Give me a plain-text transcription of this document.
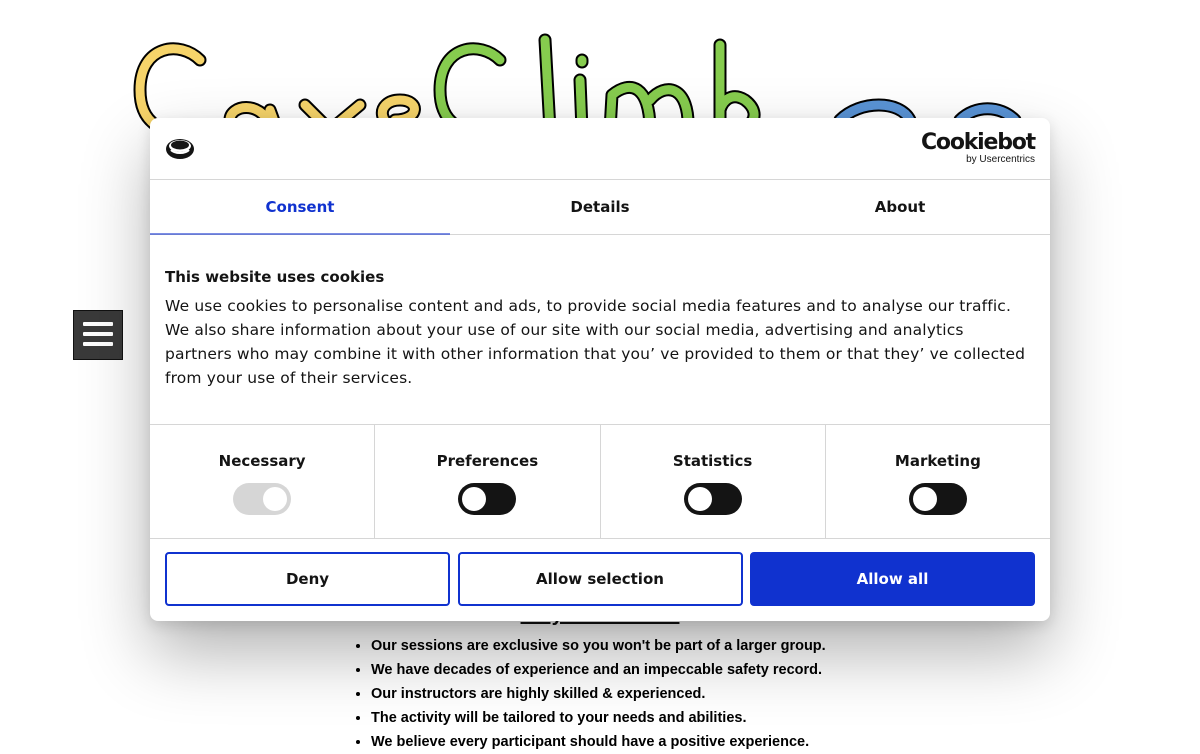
• Our sessions are exclusive so you won't be part of a larger group.
• We have decades of experience and an impeccable safety record.
• Our instructors are highly skilled & experienced.
• The activity will be tailored to your needs and abilities.
• We believe every participant should have a positive experience.
Cookiebot
by Usercentrics
Consent	Details	About
This website uses cookies

We use cookies to personalise content and ads, to provide social media features and to analyse our traffic. We also share information about your use of our site with our social media, advertising and analytics partners who may combine it with other information that you’ ve provided to them or that they’ ve collected from your use of their services.

Necessary	Preferences	Statistics	Marketing
Deny	Allow selection	Allow all
